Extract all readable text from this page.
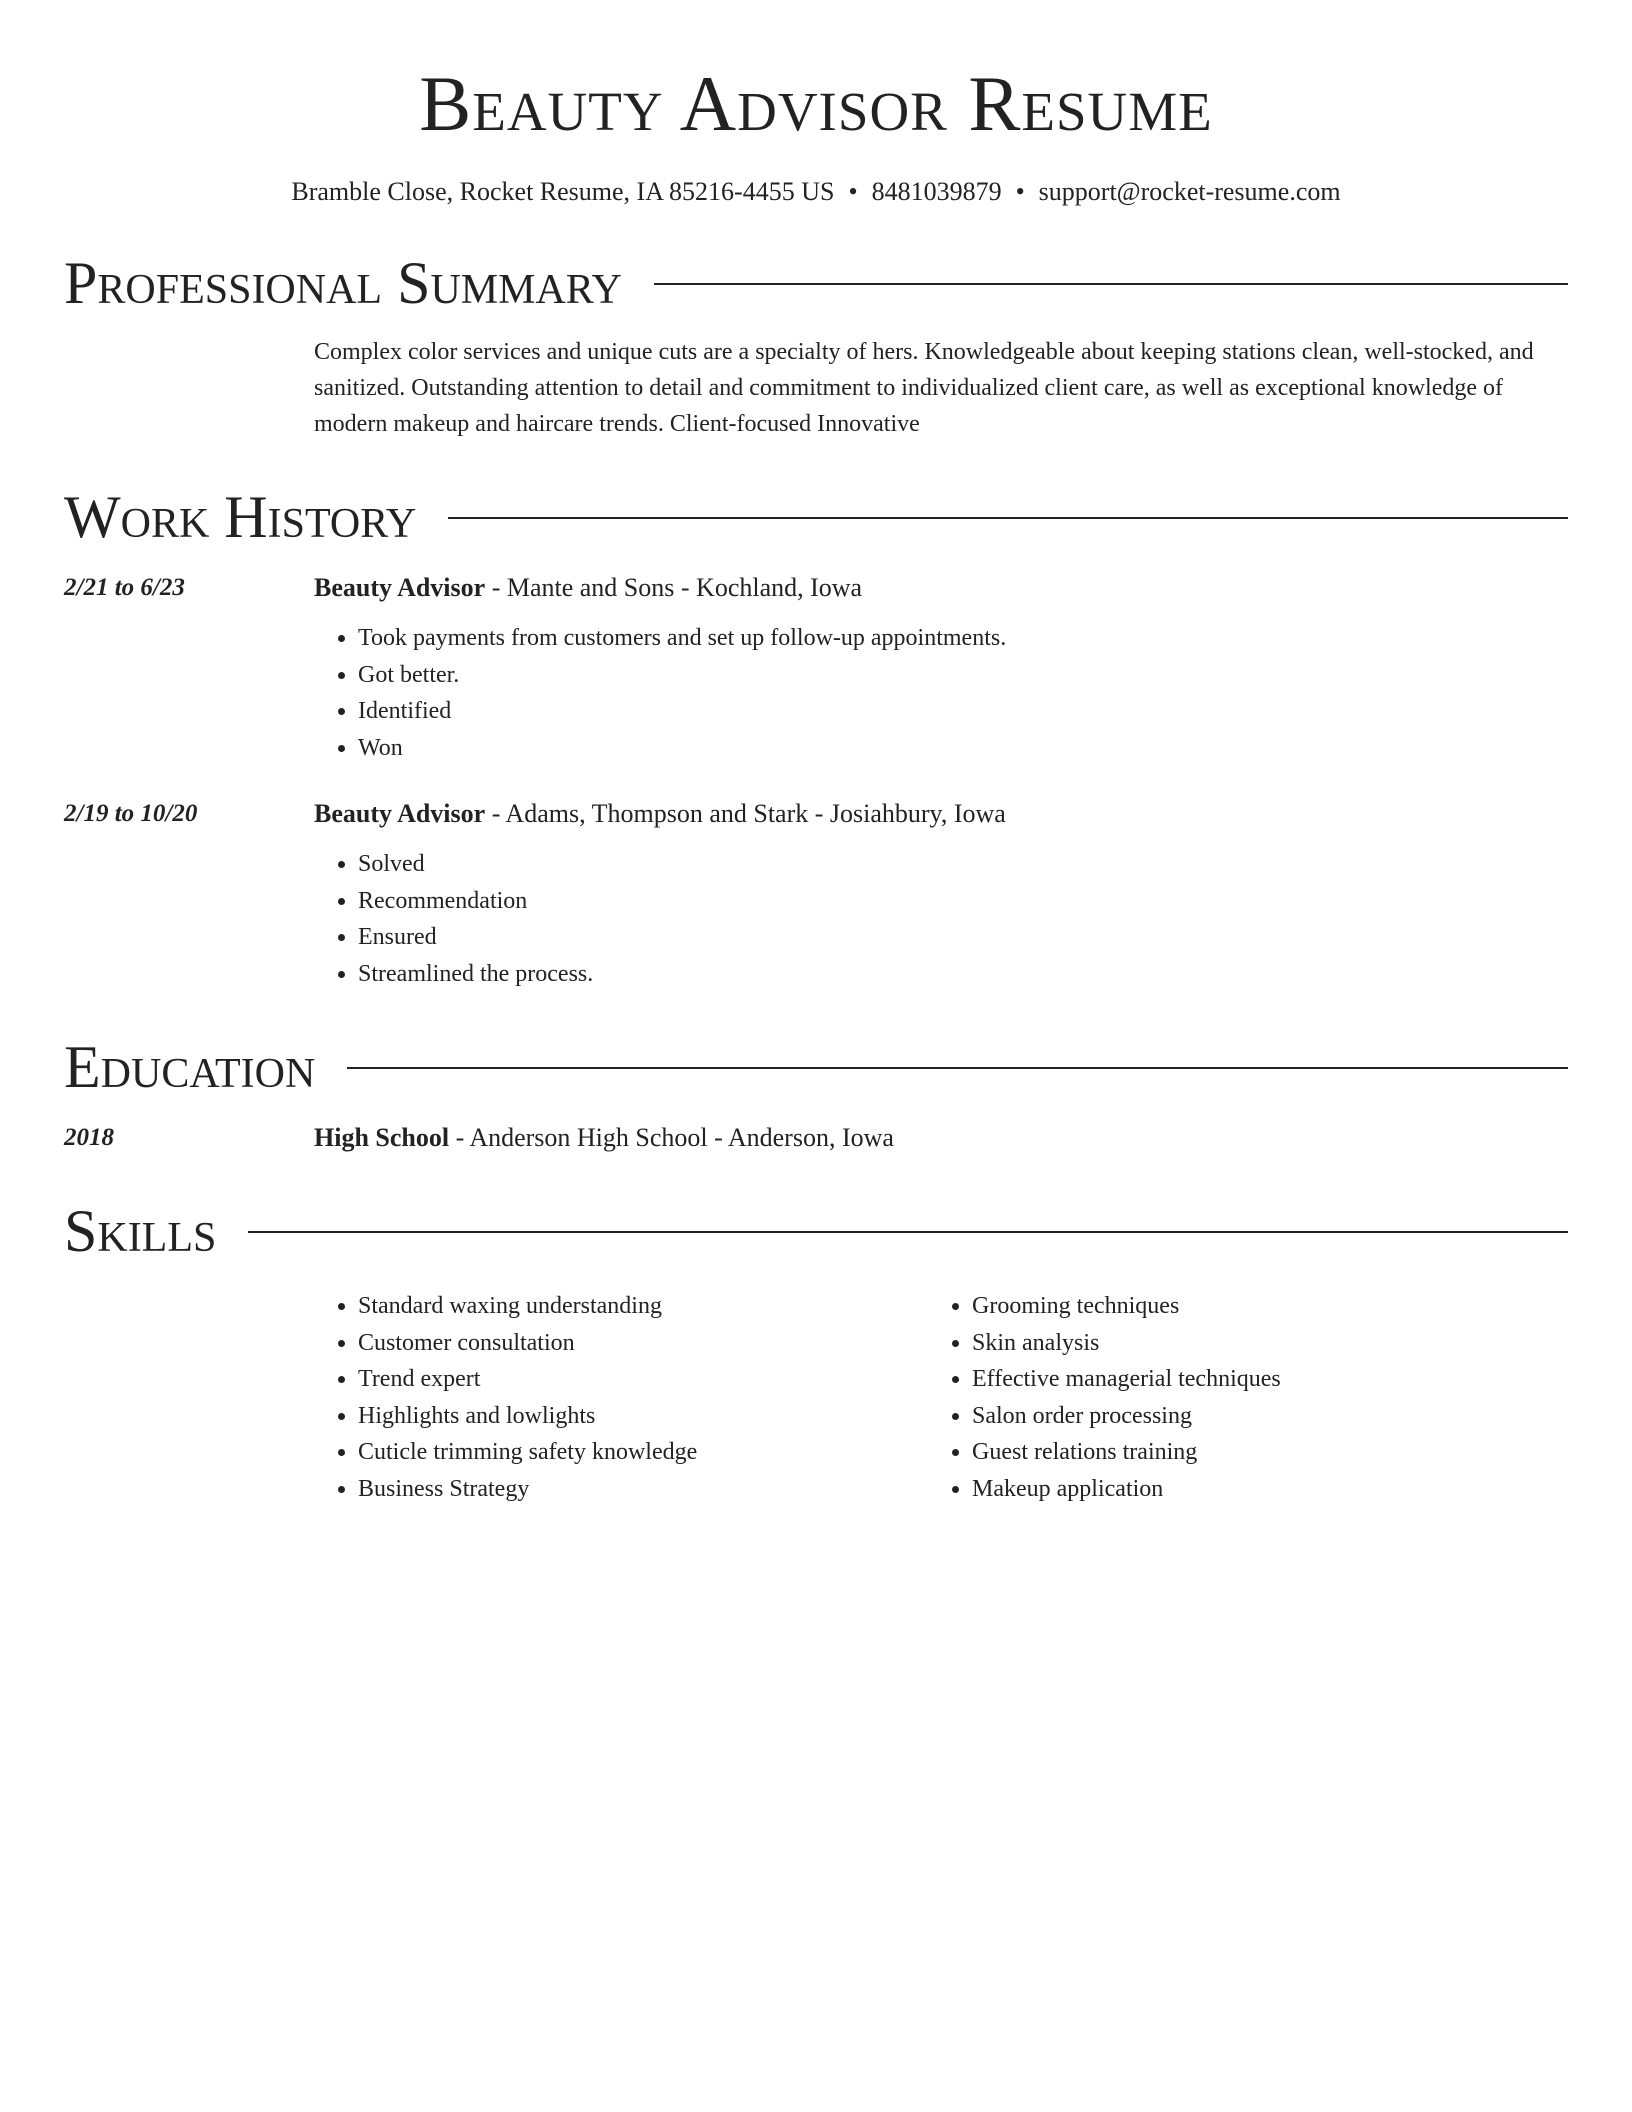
Beauty Advisor Resume
Bramble Close, Rocket Resume, IA 85216-4455 US • 8481039879 • support@rocket-resume.com
Professional Summary
Complex color services and unique cuts are a specialty of hers. Knowledgeable about keeping stations clean, well-stocked, and sanitized. Outstanding attention to detail and commitment to individualized client care, as well as exceptional knowledge of modern makeup and haircare trends. Client-focused Innovative
Work History
2/21 to 6/23	Beauty Advisor - Mante and Sons - Kochland, Iowa
• Took payments from customers and set up follow-up appointments.
• Got better.
• Identified
• Won
2/19 to 10/20	Beauty Advisor - Adams, Thompson and Stark - Josiahbury, Iowa
• Solved
• Recommendation
• Ensured
• Streamlined the process.
Education
2018	High School - Anderson High School - Anderson, Iowa
Skills
• Standard waxing understanding
• Customer consultation
• Trend expert
• Highlights and lowlights
• Cuticle trimming safety knowledge
• Business Strategy
• Grooming techniques
• Skin analysis
• Effective managerial techniques
• Salon order processing
• Guest relations training
• Makeup application
